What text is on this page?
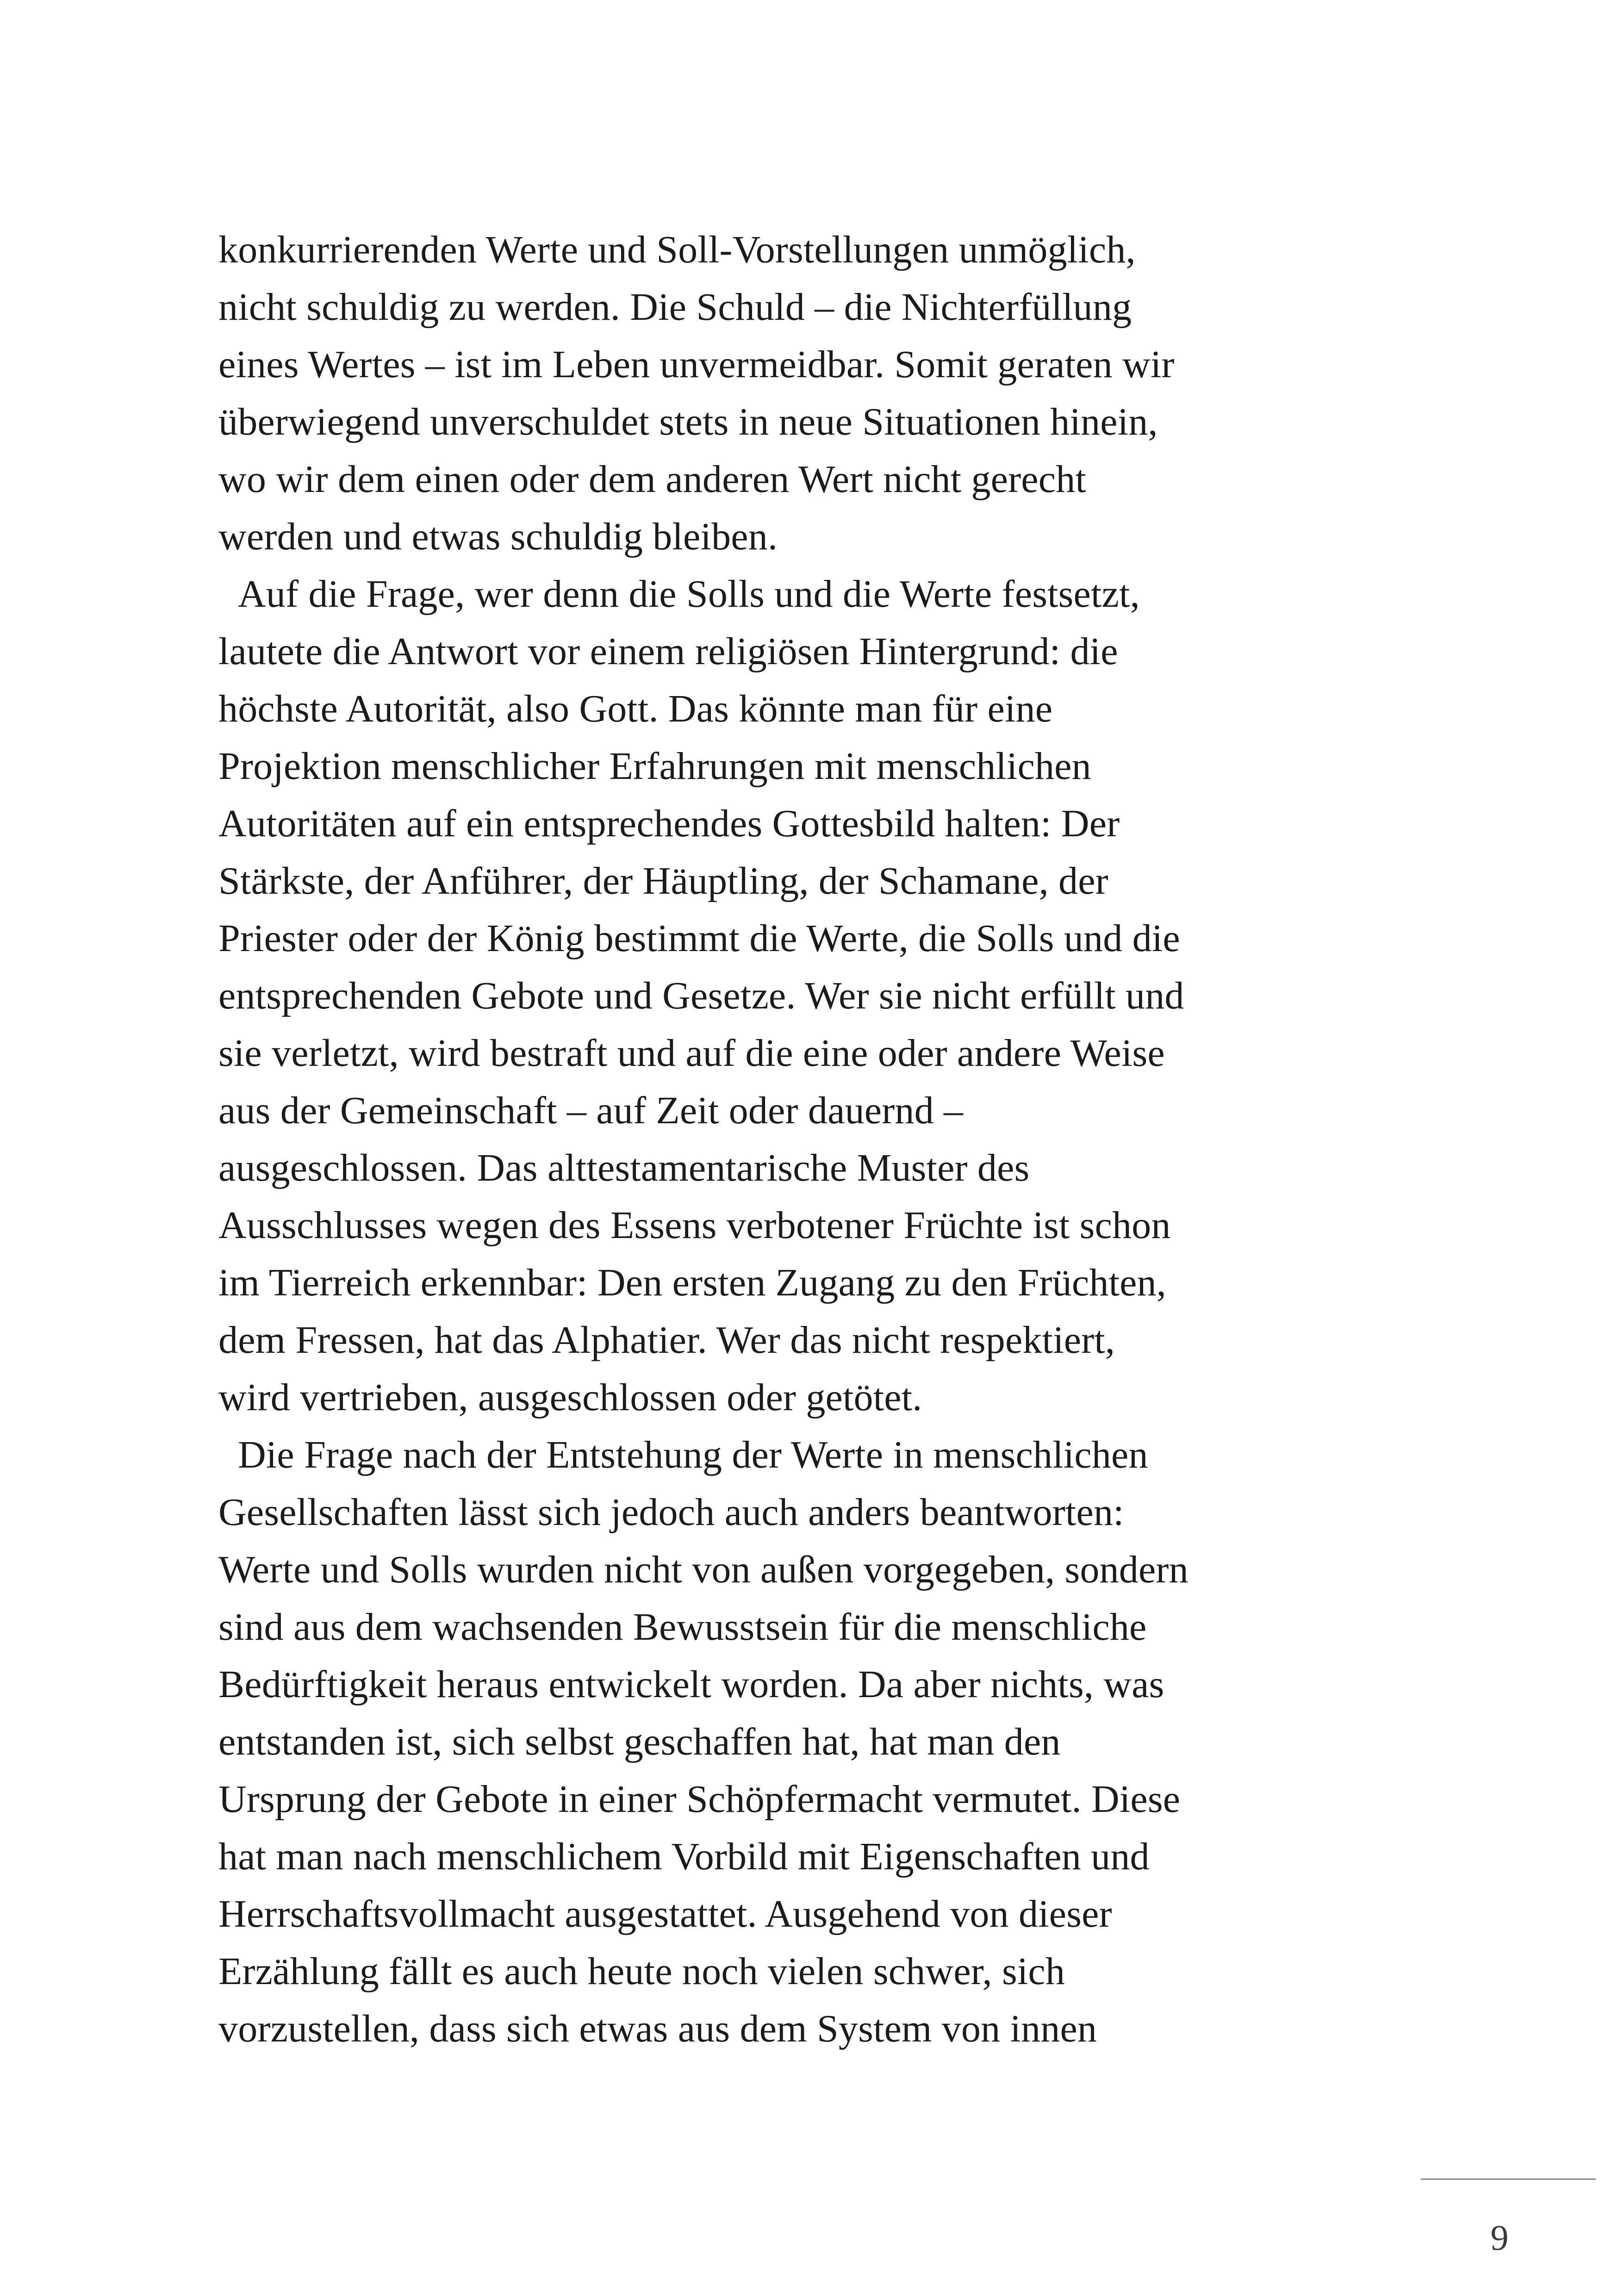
konkurrierenden Werte und Soll-Vorstellungen unmöglich,
nicht schuldig zu werden. Die Schuld – die Nichterfüllung
eines Wertes – ist im Leben unvermeidbar. Somit geraten wir
überwiegend unverschuldet stets in neue Situationen hinein,
wo wir dem einen oder dem anderen Wert nicht gerecht
werden und etwas schuldig bleiben.
Auf die Frage, wer denn die Solls und die Werte festsetzt,
lautete die Antwort vor einem religiösen Hintergrund: die
höchste Autorität, also Gott. Das könnte man für eine
Projektion menschlicher Erfahrungen mit menschlichen
Autoritäten auf ein entsprechendes Gottesbild halten: Der
Stärkste, der Anführer, der Häuptling, der Schamane, der
Priester oder der König bestimmt die Werte, die Solls und die
entsprechenden Gebote und Gesetze. Wer sie nicht erfüllt und
sie verletzt, wird bestraft und auf die eine oder andere Weise
aus der Gemeinschaft – auf Zeit oder dauernd –
ausgeschlossen. Das alttestamentarische Muster des
Ausschlusses wegen des Essens verbotener Früchte ist schon
im Tierreich erkennbar: Den ersten Zugang zu den Früchten,
dem Fressen, hat das Alphatier. Wer das nicht respektiert,
wird vertrieben, ausgeschlossen oder getötet.
Die Frage nach der Entstehung der Werte in menschlichen
Gesellschaften lässt sich jedoch auch anders beantworten:
Werte und Solls wurden nicht von außen vorgegeben, sondern
sind aus dem wachsenden Bewusstsein für die menschliche
Bedürftigkeit heraus entwickelt worden. Da aber nichts, was
entstanden ist, sich selbst geschaffen hat, hat man den
Ursprung der Gebote in einer Schöpfermacht vermutet. Diese
hat man nach menschlichem Vorbild mit Eigenschaften und
Herrschaftsvollmacht ausgestattet. Ausgehend von dieser
Erzählung fällt es auch heute noch vielen schwer, sich
vorzustellen, dass sich etwas aus dem System von innen
9
